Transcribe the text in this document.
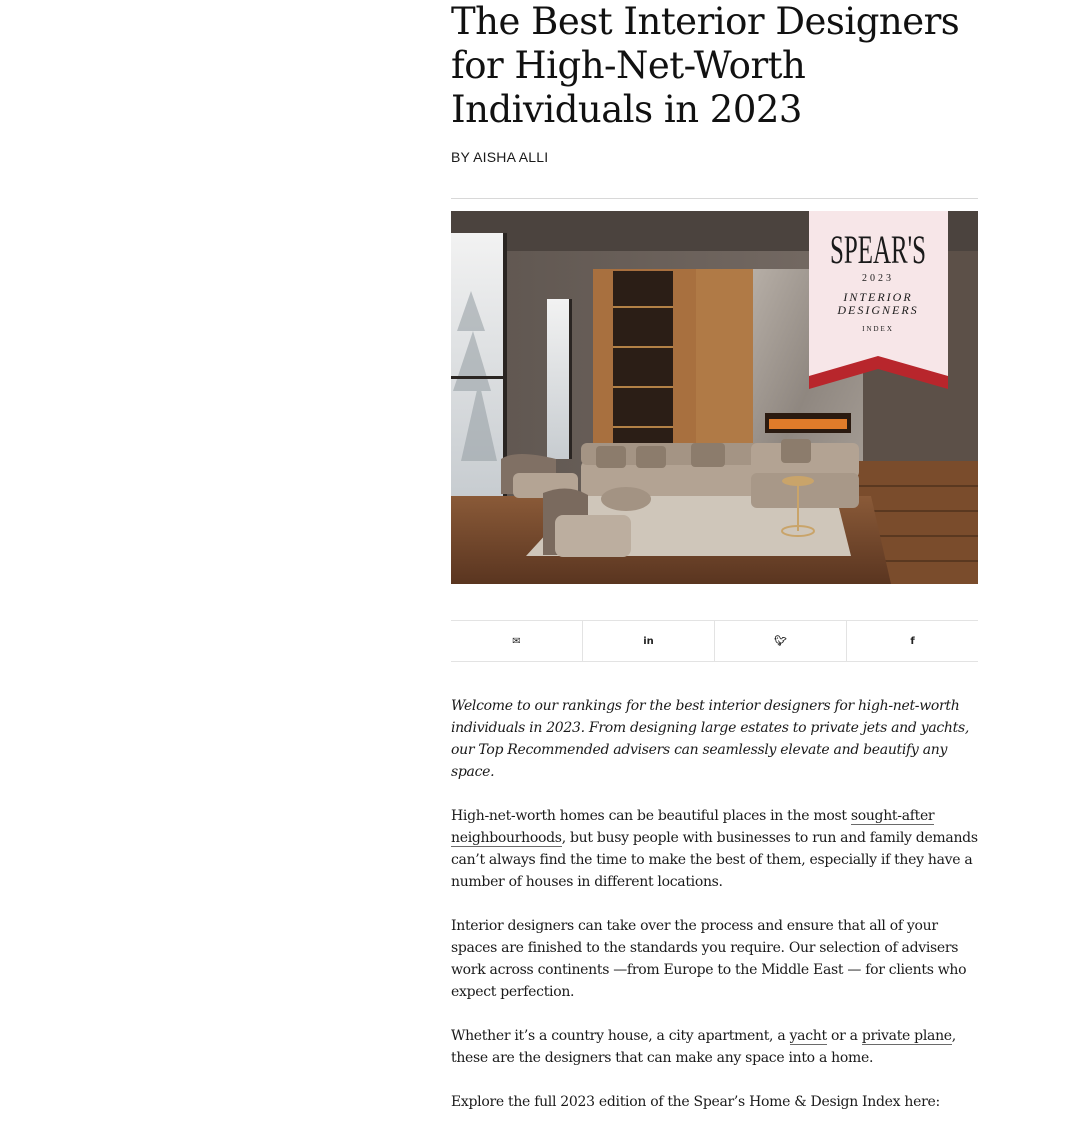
The Best Interior Designers
for High-Net-Worth
Individuals in 2023
BY AISHA ALLI
SPEAR'S
2023
INTERIOR
DESIGNERS
INDEX
✉	in	🐦︎	f

Welcome to our rankings for the best interior designers for high-net-worth individuals in 2023. From designing large estates to private jets and yachts, our Top Recommended advisers can seamlessly elevate and beautify any space.

High-net-worth homes can be beautiful places in the most sought-after neighbourhoods, but busy people with businesses to run and family demands can’t always find the time to make the best of them, especially if they have a number of houses in different locations.

Interior designers can take over the process and ensure that all of your spaces are finished to the standards you require. Our selection of advisers work across continents —from Europe to the Middle East — for clients who expect perfection.

Whether it’s a country house, a city apartment, a yacht or a private plane, these are the designers that can make any space into a home.

Explore the full 2023 edition of the Spear’s Home & Design Index here:
